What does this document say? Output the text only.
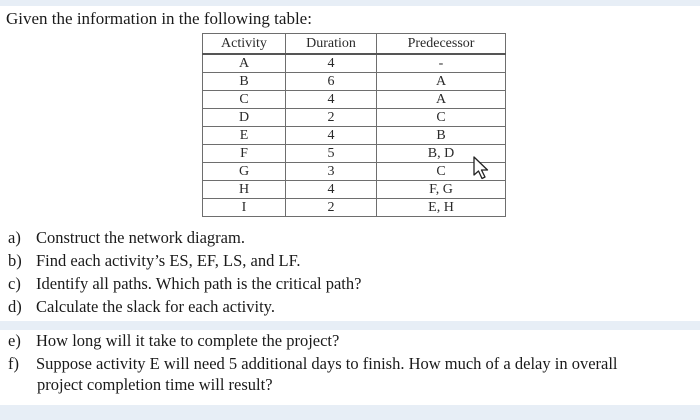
Given the information in the following table:
Activity	Duration	Predecessor
A	4	-
B	6	A
C	4	A
D	2	C
E	4	B
F	5	B, D
G	3	C
H	4	F, G
I	2	E, H
a) Construct the network diagram.
b) Find each activity’s ES, EF, LS, and LF.
c) Identify all paths. Which path is the critical path?
d) Calculate the slack for each activity.
e) How long will it take to complete the project?
f) Suppose activity E will need 5 additional days to finish. How much of a delay in overall
project completion time will result?
